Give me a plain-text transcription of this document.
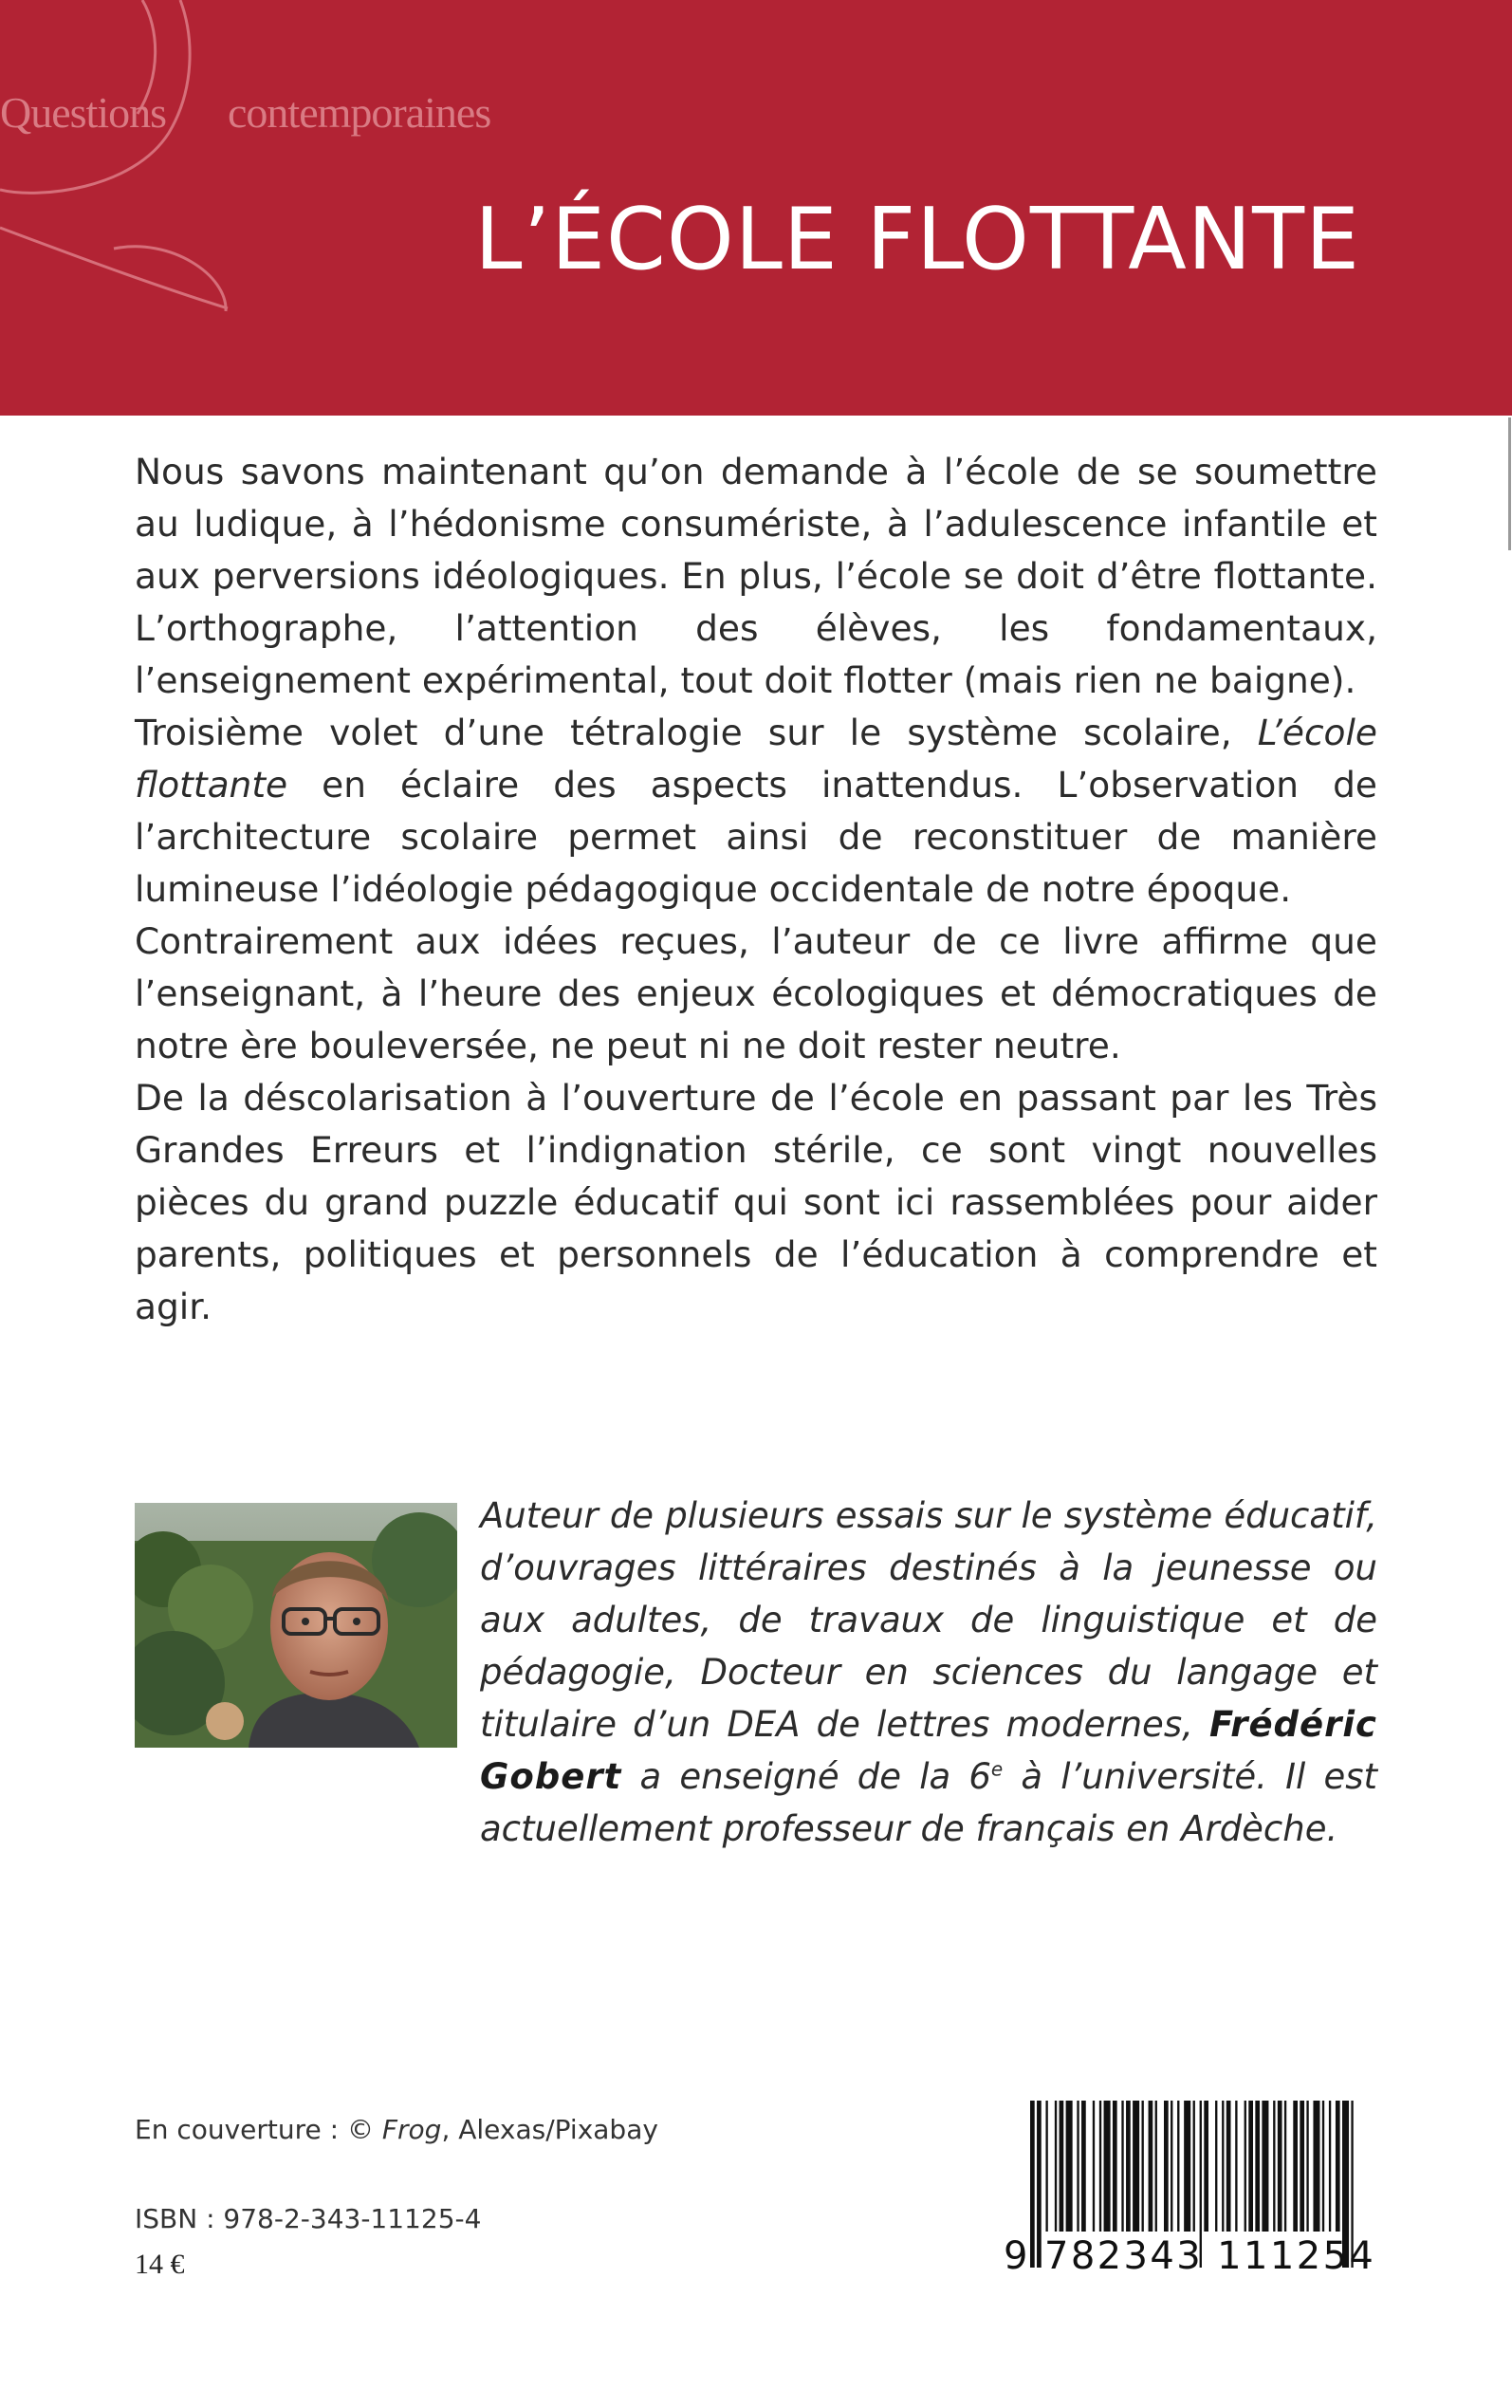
Questions contemporaines
L’ÉCOLE FLOTTANTE

Nous savons maintenant qu’on demande à l’école de se soumettre au ludique, à l’hédonisme consumériste, à l’adulescence infantile et aux perversions idéologiques. En plus, l’école se doit d’être flottante. L’orthographe, l’attention des élèves, les fondamentaux, l’enseignement expérimental, tout doit flotter (mais rien ne baigne).

Troisième volet d’une tétralogie sur le système scolaire, L’école flottante en éclaire des aspects inattendus. L’observation de l’architecture scolaire permet ainsi de reconstituer de manière lumineuse l’idéologie pédagogique occidentale de notre époque.

Contrairement aux idées reçues, l’auteur de ce livre affirme que l’enseignant, à l’heure des enjeux écologiques et démocratiques de notre ère bouleversée, ne peut ni ne doit rester neutre.

De la déscolarisation à l’ouverture de l’école en passant par les Très Grandes Erreurs et l’indignation stérile, ce sont vingt nouvelles pièces du grand puzzle éducatif qui sont ici rassemblées pour aider parents, politiques et personnels de l’éducation à comprendre et agir.

Auteur de plusieurs essais sur le système éducatif, d’ouvrages littéraires destinés à la jeunesse ou aux adultes, de travaux de linguistique et de pédagogie, Docteur en sciences du langage et titulaire d’un DEA de lettres modernes, Frédéric Gobert a enseigné de la 6e à l’université. Il est actuellement professeur de français en Ardèche.
En couverture : © Frog, Alexas/Pixabay
ISBN : 978-2-343-11125-4
14 €	9 782343 111254
